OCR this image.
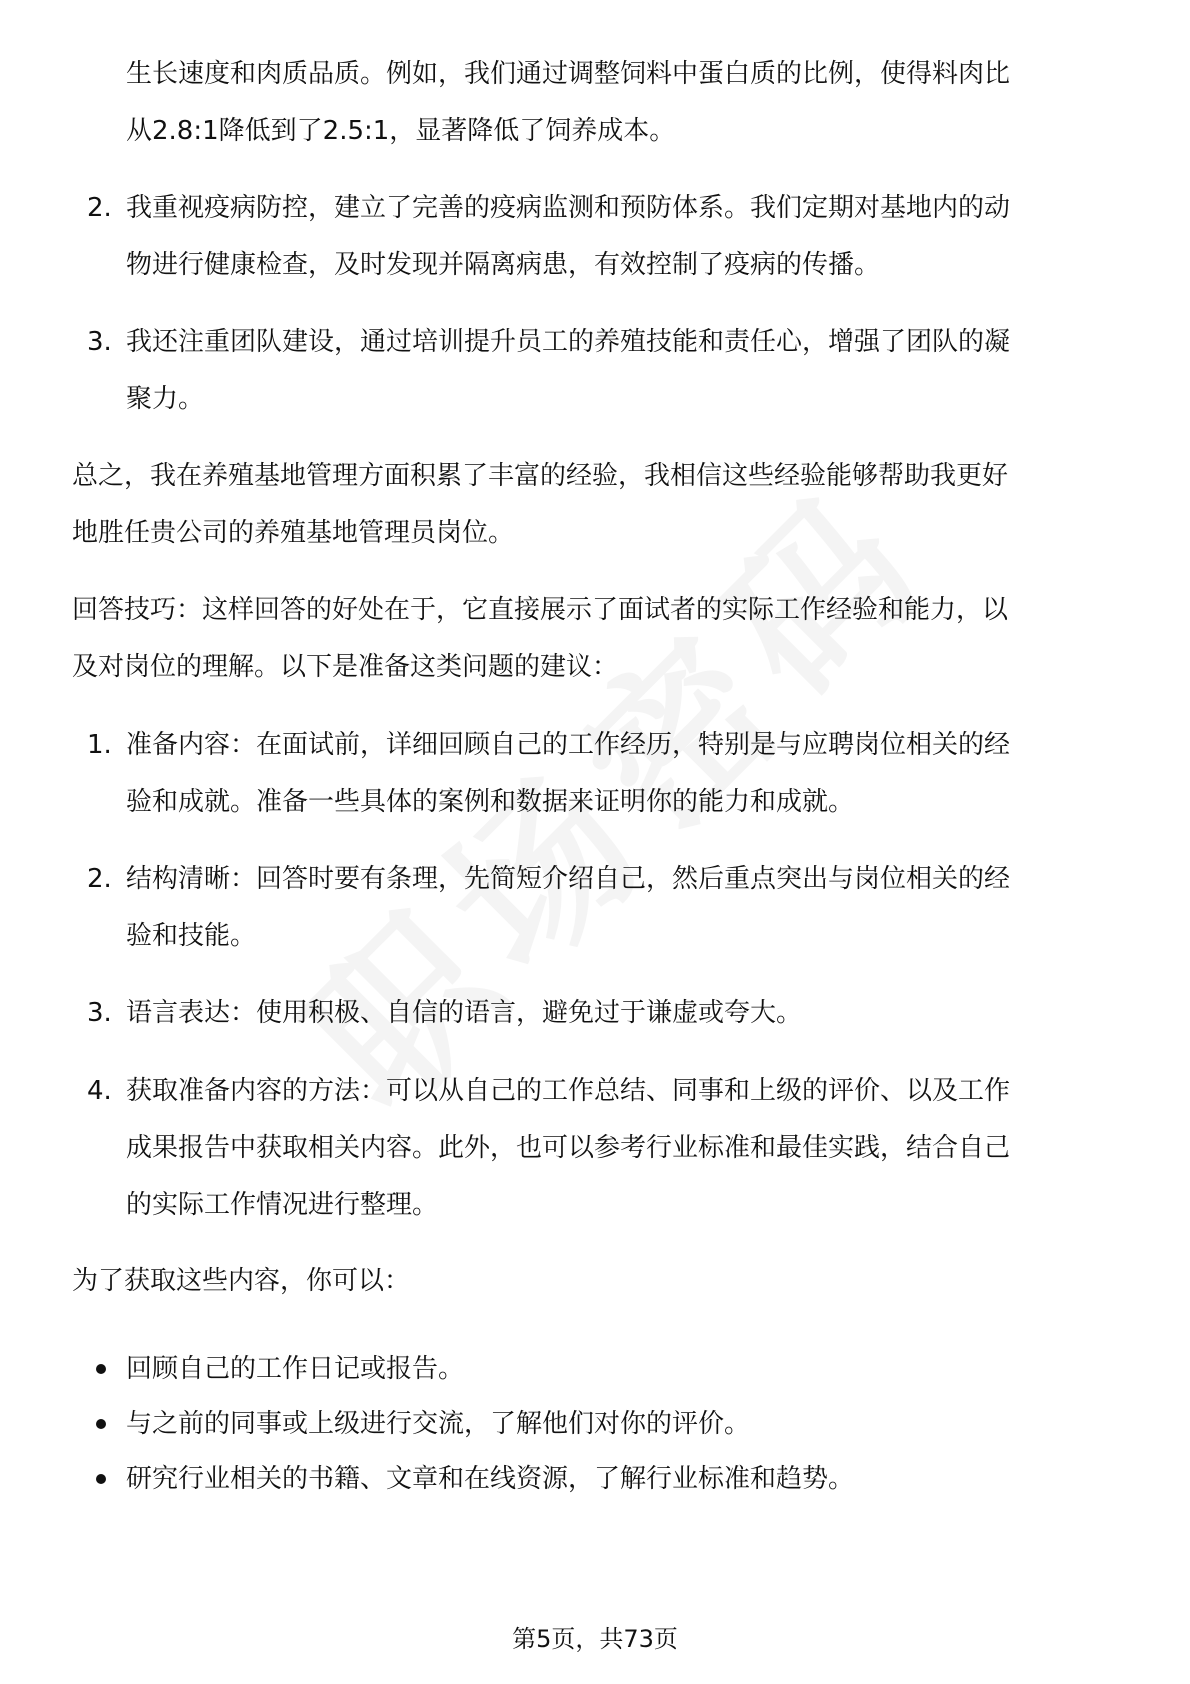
生长速度和肉质品质。例如，我们通过调整饲料中蛋白质的比例，使得料肉比
从2.8:1降低到了2.5:1，显著降低了饲养成本。
2. 我重视疫病防控，建立了完善的疫病监测和预防体系。我们定期对基地内的动
物进行健康检查，及时发现并隔离病患，有效控制了疫病的传播。
3. 我还注重团队建设，通过培训提升员工的养殖技能和责任心，增强了团队的凝
聚力。
总之，我在养殖基地管理方面积累了丰富的经验，我相信这些经验能够帮助我更好
地胜任贵公司的养殖基地管理员岗位。
回答技巧：这样回答的好处在于，它直接展示了面试者的实际工作经验和能力，以
及对岗位的理解。以下是准备这类问题的建议：
1. 准备内容：在面试前，详细回顾自己的工作经历，特别是与应聘岗位相关的经
验和成就。准备一些具体的案例和数据来证明你的能力和成就。
2. 结构清晰：回答时要有条理，先简短介绍自己，然后重点突出与岗位相关的经
验和技能。
3. 语言表达：使用积极、自信的语言，避免过于谦虚或夸大。
4. 获取准备内容的方法：可以从自己的工作总结、同事和上级的评价、以及工作
成果报告中获取相关内容。此外，也可以参考行业标准和最佳实践，结合自己
的实际工作情况进行整理。
为了获取这些内容，你可以：
回顾自己的工作日记或报告。
与之前的同事或上级进行交流，了解他们对你的评价。
研究行业相关的书籍、文章和在线资源，了解行业标准和趋势。
第5页，共73页
